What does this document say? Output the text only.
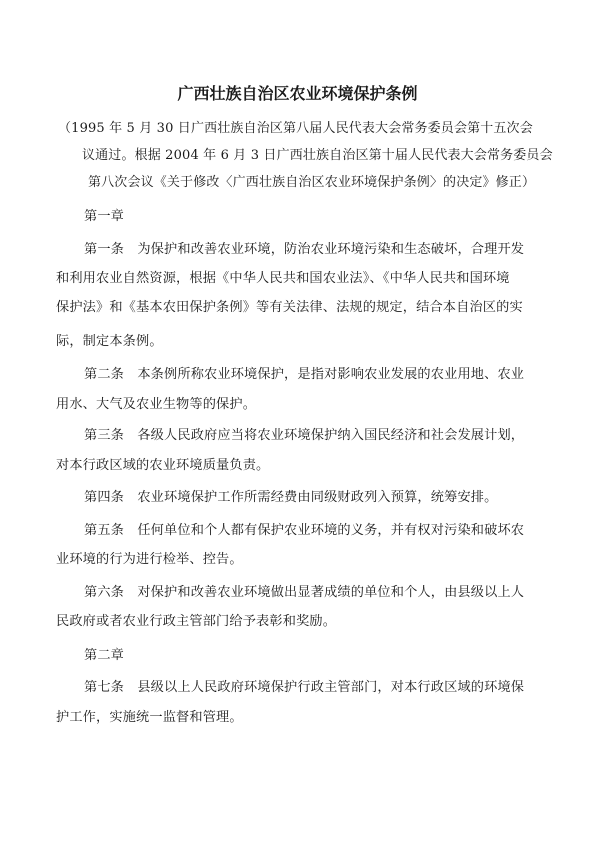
广西壮族自治区农业环境保护条例
（1995 年 5 月 30 日广西壮族自治区第八届人民代表大会常务委员会第十五次会
议通过。根据 2004 年 6 月 3 日广西壮族自治区第十届人民代表大会常务委员会
第八次会议《关于修改〈广西壮族自治区农业环境保护条例〉的决定》修正）
第一章
第一条　为保护和改善农业环境，防治农业环境污染和生态破坏，合理开发
和利用农业自然资源，根据《中华人民共和国农业法》、《中华人民共和国环境
保护法》和《基本农田保护条例》等有关法律、法规的规定，结合本自治区的实
际，制定本条例。
第二条　本条例所称农业环境保护，是指对影响农业发展的农业用地、农业
用水、大气及农业生物等的保护。
第三条　各级人民政府应当将农业环境保护纳入国民经济和社会发展计划，
对本行政区域的农业环境质量负责。
第四条　农业环境保护工作所需经费由同级财政列入预算，统筹安排。
第五条　任何单位和个人都有保护农业环境的义务，并有权对污染和破坏农
业环境的行为进行检举、控告。
第六条　对保护和改善农业环境做出显著成绩的单位和个人，由县级以上人
民政府或者农业行政主管部门给予表彰和奖励。
第二章
第七条　县级以上人民政府环境保护行政主管部门，对本行政区域的环境保
护工作，实施统一监督和管理。
